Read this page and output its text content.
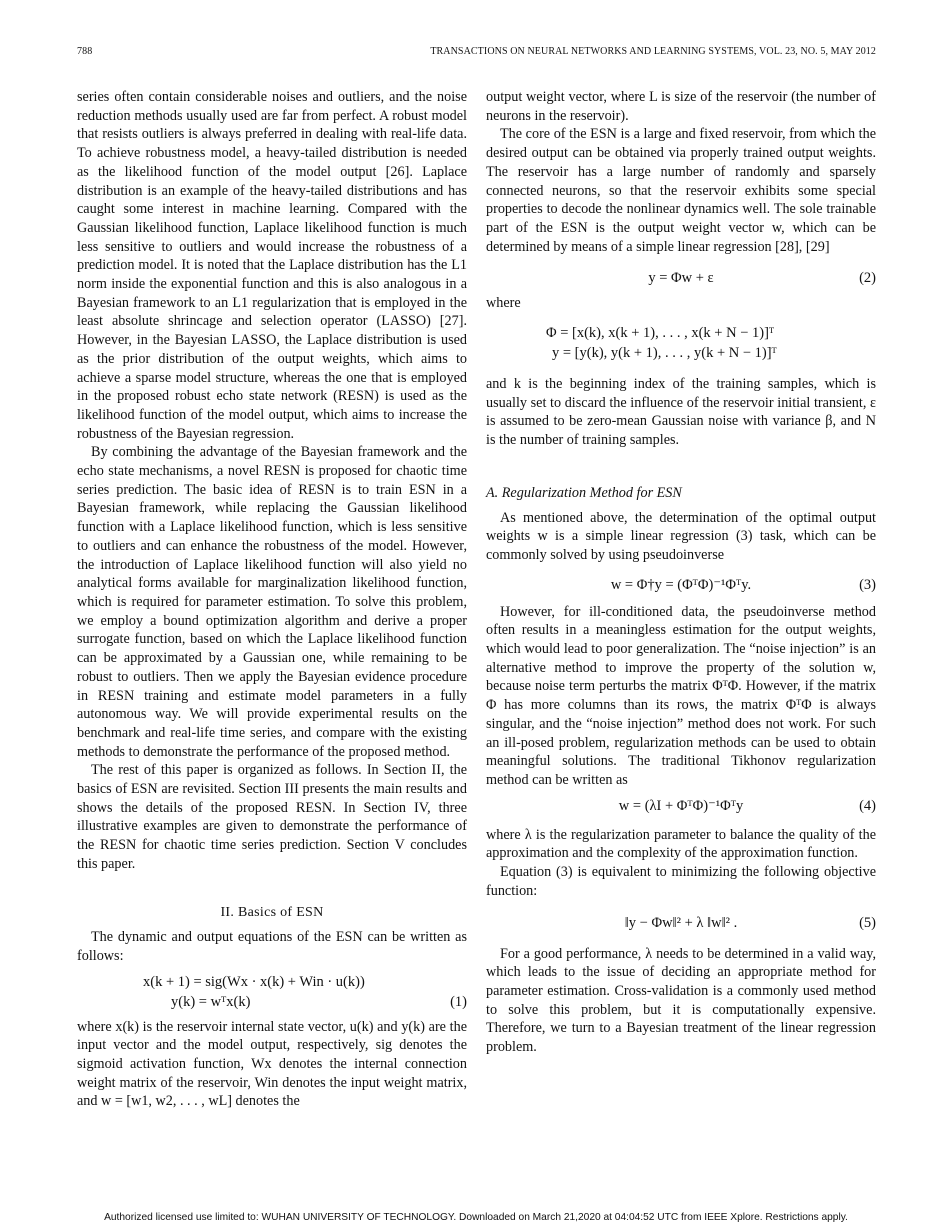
788	TRANSACTIONS ON NEURAL NETWORKS AND LEARNING SYSTEMS, VOL. 23, NO. 5, MAY 2012

series often contain considerable noises and outliers, and the noise reduction methods usually used are far from perfect. A robust model that resists outliers is always preferred in dealing with real-life data. To achieve robustness model, a heavy-tailed distribution is needed as the likelihood function of the model output [26]. Laplace distribution is an example of the heavy-tailed distributions and has caught some interest in machine learning. Compared with the Gaussian likelihood function, Laplace likelihood function is much less sensitive to outliers and would increase the robustness of a prediction model. It is noted that the Laplace distribution has the L1 norm inside the exponential function and this is also analogous in a Bayesian framework to an L1 regularization that is employed in the least absolute shrincage and selection operator (LASSO) [27]. However, in the Bayesian LASSO, the Laplace distribution is used as the prior distribution of the output weights, which aims to achieve a sparse model structure, whereas the one that is employed in the proposed robust echo state network (RESN) is used as the likelihood function of the model output, which aims to increase the robustness of the Bayesian regression.

By combining the advantage of the Bayesian framework and the echo state mechanisms, a novel RESN is proposed for chaotic time series prediction. The basic idea of RESN is to train ESN in a Bayesian framework, while replacing the Gaussian likelihood function with a Laplace likelihood function, which is less sensitive to outliers and can enhance the robustness of the model. However, the introduction of Laplace likelihood function will also yield no analytical forms available for marginalization likelihood function, which is required for parameter estimation. To solve this problem, we employ a bound optimization algorithm and derive a proper surrogate function, based on which the Laplace likelihood function can be approximated by a Gaussian one, while remaining to be robust to outliers. Then we apply the Bayesian evidence procedure in RESN training and estimate model parameters in a fully autonomous way. We will provide experimental results on the benchmark and real-life time series, and compare with the existing methods to demonstrate the performance of the proposed method.

The rest of this paper is organized as follows. In Section II, the basics of ESN are revisited. Section III presents the main results and shows the details of the proposed RESN. In Section IV, three illustrative examples are given to demonstrate the performance of the RESN for chaotic time series prediction. Section V concludes this paper.

II. Basics of ESN

The dynamic and output equations of the ESN can be written as follows:

x(k + 1) = sig(Wx · x(k) + Win · u(k))
y(k) = wᵀx(k)	(1)

where x(k) is the reservoir internal state vector, u(k) and y(k) are the input vector and the model output, respectively, sig denotes the sigmoid activation function, Wx denotes the internal connection weight matrix of the reservoir, Win denotes the input weight matrix, and w = [w1, w2, . . . , wL] denotes the

output weight vector, where L is size of the reservoir (the number of neurons in the reservoir).

The core of the ESN is a large and fixed reservoir, from which the desired output can be obtained via properly trained output weights. The reservoir has a large number of randomly and sparsely connected neurons, so that the reservoir exhibits some special properties to decode the nonlinear dynamics well. The sole trainable part of the ESN is the output weight vector w, which can be determined by means of a simple linear regression [28], [29]

y = Φw + ε	(2)

where

Φ = [x(k), x(k + 1), . . . , x(k + N − 1)]ᵀ
y = [y(k), y(k + 1), . . . , y(k + N − 1)]ᵀ

and k is the beginning index of the training samples, which is usually set to discard the influence of the reservoir initial transient, ε is assumed to be zero-mean Gaussian noise with variance β, and N is the number of training samples.

A. Regularization Method for ESN

As mentioned above, the determination of the optimal output weights w is a simple linear regression (3) task, which can be commonly solved by using pseudoinverse

w = Φ†y = (ΦᵀΦ)⁻¹Φᵀy.	(3)

However, for ill-conditioned data, the pseudoinverse method often results in a meaningless estimation for the output weights, which would lead to poor generalization. The “noise injection” is an alternative method to improve the property of the solution w, because noise term perturbs the matrix ΦᵀΦ. However, if the matrix Φ has more columns than its rows, the matrix ΦᵀΦ is always singular, and the “noise injection” method does not work. For such an ill-posed problem, regularization methods can be used to obtain meaningful solutions. The traditional Tikhonov regularization method can be written as

w = (λI + ΦᵀΦ)⁻¹Φᵀy	(4)

where λ is the regularization parameter to balance the quality of the approximation and the complexity of the approximation function.

Equation (3) is equivalent to minimizing the following objective function:

‖y − Φw‖² + λ ‖w‖² .	(5)

For a good performance, λ needs to be determined in a valid way, which leads to the issue of deciding an appropriate method for parameter estimation. Cross-validation is a commonly used method to solve this problem, but it is computationally expensive. Therefore, we turn to a Bayesian treatment of the linear regression problem.

Authorized licensed use limited to: WUHAN UNIVERSITY OF TECHNOLOGY. Downloaded on March 21,2020 at 04:04:52 UTC from IEEE Xplore. Restrictions apply.
